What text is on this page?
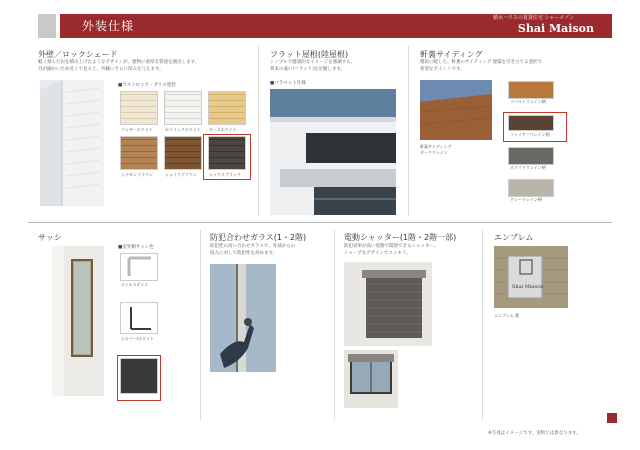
外装仕様
積水ハウスの賃貸住宅 シャーメゾン
Shai Maison
外壁／ロックシェード
軽く刻んだ岩を積み上げたようなデザインが、建物に重厚な質感を創出します。
目が細かいため近くで見ると、外観にさらに厚みを与えます。
■ラストロック・ブリス塗装
フォザーホワイト	セラミックホワイト ローズホワイト
シナモンブラウン	ショコラブラウン	シックスブラック
フラット屋根(陸屋根)
シンプルで健康的なイメージを強調する、
将来の違い(フラット)を定額します。
■パラペット仕様
軒裏サイディング
階段に配した、軒裏のサイディング 建築を引き立てる意匠で
希望なポイントです。
軒裏サイディング
ダークウレイン
コバルトウレイン柄
ファイアーウレイン柄
ホワイトウレイン柄
グレーウレイン柄
サッシ
■室外側サッシ色
ナイルステンス
シルバー/ホワイト
ダークブラック
防犯合わせガラス(1・2階)
防犯性の高い合わせガラスで、外部からの
侵入に対して防犯性を高めます。
電動シャッター(1階・2階一部)
防犯効果が高い電動で開閉できるシャッター。
シャープなデザインでスッキリ。
エンブレム
Shai Maison
エンブレム 番
※写真はイメージです。実物とは異なります。
